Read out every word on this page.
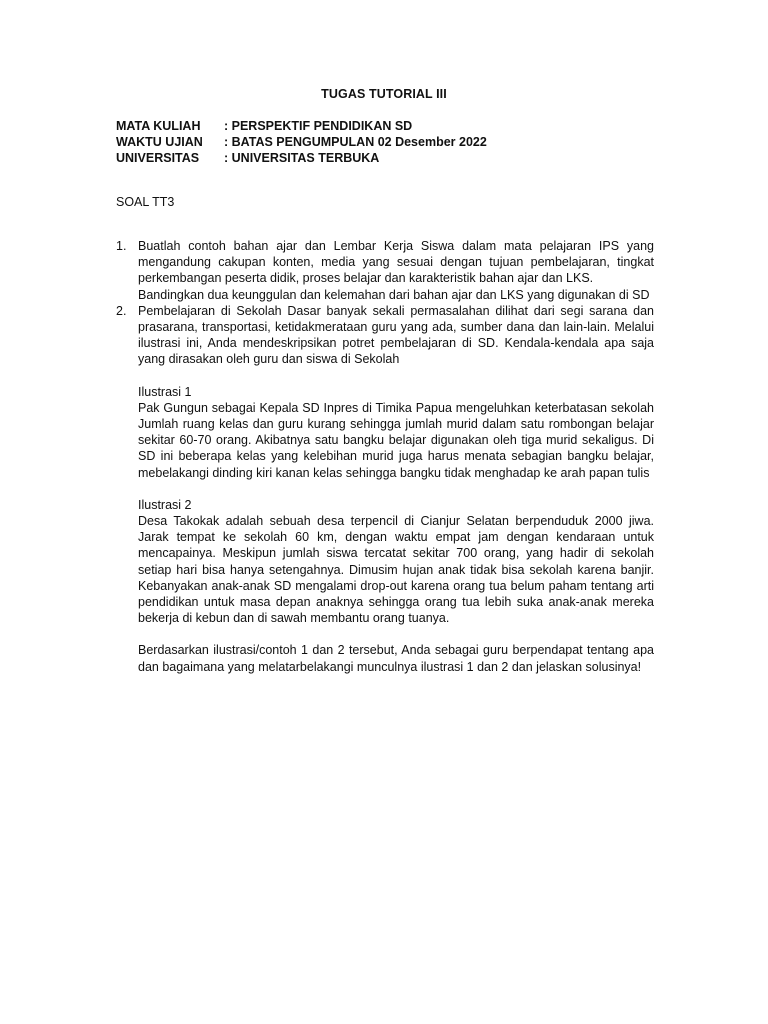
TUGAS TUTORIAL III
MATA KULIAH	: PERSPEKTIF PENDIDIKAN SD
WAKTU UJIAN	: BATAS PENGUMPULAN 02 Desember 2022
UNIVERSITAS	: UNIVERSITAS TERBUKA
SOAL TT3
1. Buatlah contoh bahan ajar dan Lembar Kerja Siswa dalam mata pelajaran IPS yang mengandung cakupan konten, media yang sesuai dengan tujuan pembelajaran, tingkat perkembangan peserta didik, proses belajar dan karakteristik bahan ajar dan LKS.

Bandingkan dua keunggulan dan kelemahan dari bahan ajar dan LKS yang digunakan di SD

2. Pembelajaran di Sekolah Dasar banyak sekali permasalahan dilihat dari segi sarana dan prasarana, transportasi, ketidakmerataan guru yang ada, sumber dana dan lain-lain. Melalui ilustrasi ini, Anda mendeskripsikan potret pembelajaran di SD. Kendala-kendala apa saja yang dirasakan oleh guru dan siswa di Sekolah

Ilustrasi 1

Pak Gungun sebagai Kepala SD Inpres di Timika Papua mengeluhkan keterbatasan sekolah Jumlah ruang kelas dan guru kurang sehingga jumlah murid dalam satu rombongan belajar sekitar 60-70 orang. Akibatnya satu bangku belajar digunakan oleh tiga murid sekaligus. Di SD ini beberapa kelas yang kelebihan murid juga harus menata sebagian bangku belajar, mebelakangi dinding kiri kanan kelas sehingga bangku tidak menghadap ke arah papan tulis

Ilustrasi 2

Desa Takokak adalah sebuah desa terpencil di Cianjur Selatan berpenduduk 2000 jiwa. Jarak tempat ke sekolah 60 km, dengan waktu empat jam dengan kendaraan untuk mencapainya. Meskipun jumlah siswa tercatat sekitar 700 orang, yang hadir di sekolah setiap hari bisa hanya setengahnya. Dimusim hujan anak tidak bisa sekolah karena banjir. Kebanyakan anak-anak SD mengalami drop-out karena orang tua belum paham tentang arti pendidikan untuk masa depan anaknya sehingga orang tua lebih suka anak-anak mereka bekerja di kebun dan di sawah membantu orang tuanya.

Berdasarkan ilustrasi/contoh 1 dan 2 tersebut, Anda sebagai guru berpendapat tentang apa dan bagaimana yang melatarbelakangi munculnya ilustrasi 1 dan 2 dan jelaskan solusinya!
